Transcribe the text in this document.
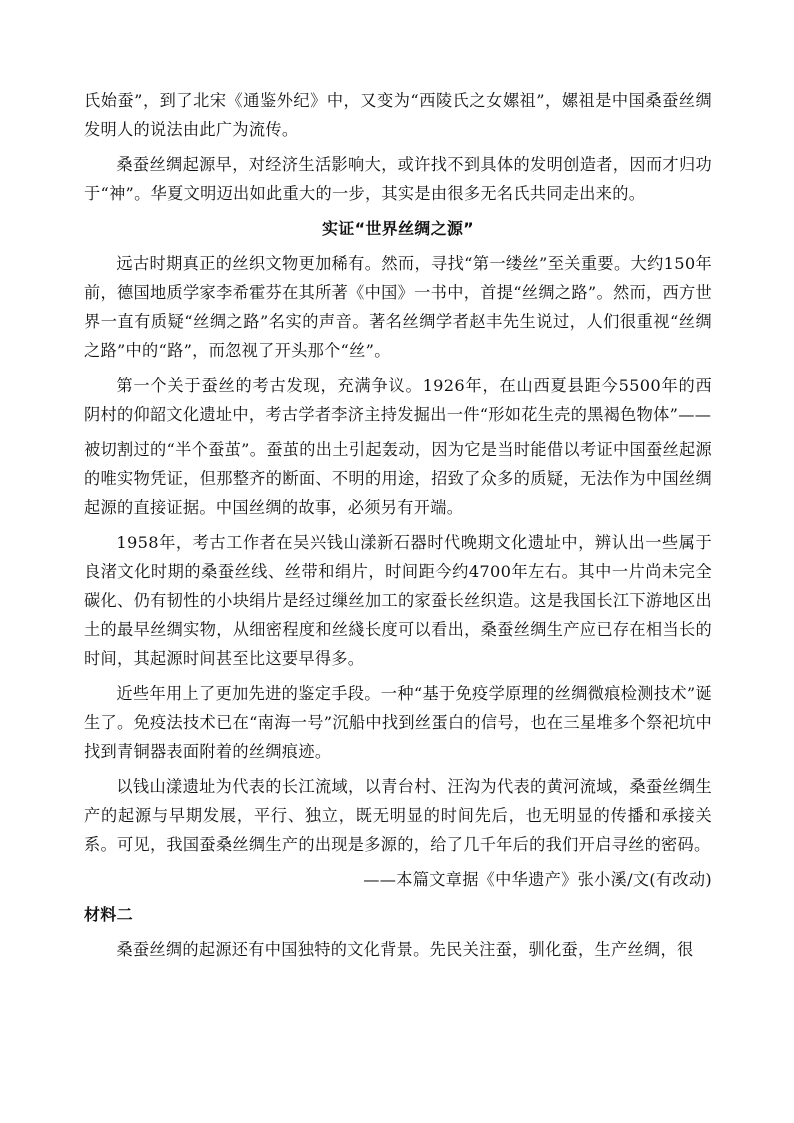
氏始蚕”，到了北宋《通鉴外纪》中，又变为“西陵氏之女嫘祖”，嫘祖是中国桑蚕丝绸发明人的说法由此广为流传。

桑蚕丝绸起源早，对经济生活影响大，或许找不到具体的发明创造者，因而才归功于“神”。华夏文明迈出如此重大的一步，其实是由很多无名氏共同走出来的。

实证“世界丝绸之源”

远古时期真正的丝织文物更加稀有。然而，寻找“第一缕丝”至关重要。大约150年前，德国地质学家李希霍芬在其所著《中国》一书中，首提“丝绸之路”。然而，西方世界一直有质疑“丝绸之路”名实的声音。著名丝绸学者赵丰先生说过，人们很重视“丝绸之路”中的“路”，而忽视了开头那个“丝”。

第一个关于蚕丝的考古发现，充满争议。1926年，在山西夏县距今5500年的西阴村的仰韶文化遗址中，考古学者李济主持发掘出一件“形如花生壳的黑褐色物体”——

被切割过的“半个蚕茧”。蚕茧的出土引起轰动，因为它是当时能借以考证中国蚕丝起源的唯实物凭证，但那整齐的断面、不明的用途，招致了众多的质疑，无法作为中国丝绸起源的直接证据。中国丝绸的故事，必须另有开端。

1958年，考古工作者在吴兴钱山漾新石器时代晚期文化遗址中，辨认出一些属于良渚文化时期的桑蚕丝线、丝带和绢片，时间距今约4700年左右。其中一片尚未完全碳化、仍有韧性的小块绢片是经过缫丝加工的家蚕长丝织造。这是我国长江下游地区出土的最早丝绸实物，从细密程度和丝綫长度可以看出，桑蚕丝绸生产应已存在相当长的时间，其起源时间甚至比这要早得多。

近些年用上了更加先进的鉴定手段。一种“基于免疫学原理的丝绸微痕检测技术”诞生了。免疫法技术已在“南海一号”沉船中找到丝蛋白的信号，也在三星堆多个祭祀坑中找到青铜器表面附着的丝绸痕迹。

以钱山漾遗址为代表的长江流域，以青台村、汪沟为代表的黄河流域，桑蚕丝绸生产的起源与早期发展，平行、独立，既无明显的时间先后，也无明显的传播和承接关系。可见，我国蚕桑丝绸生产的出现是多源的，给了几千年后的我们开启寻丝的密码。

——本篇文章据《中华遗产》张小溪/文(有改动)
材料二

桑蚕丝绸的起源还有中国独特的文化背景。先民关注蚕，驯化蚕，生产丝绸，很
